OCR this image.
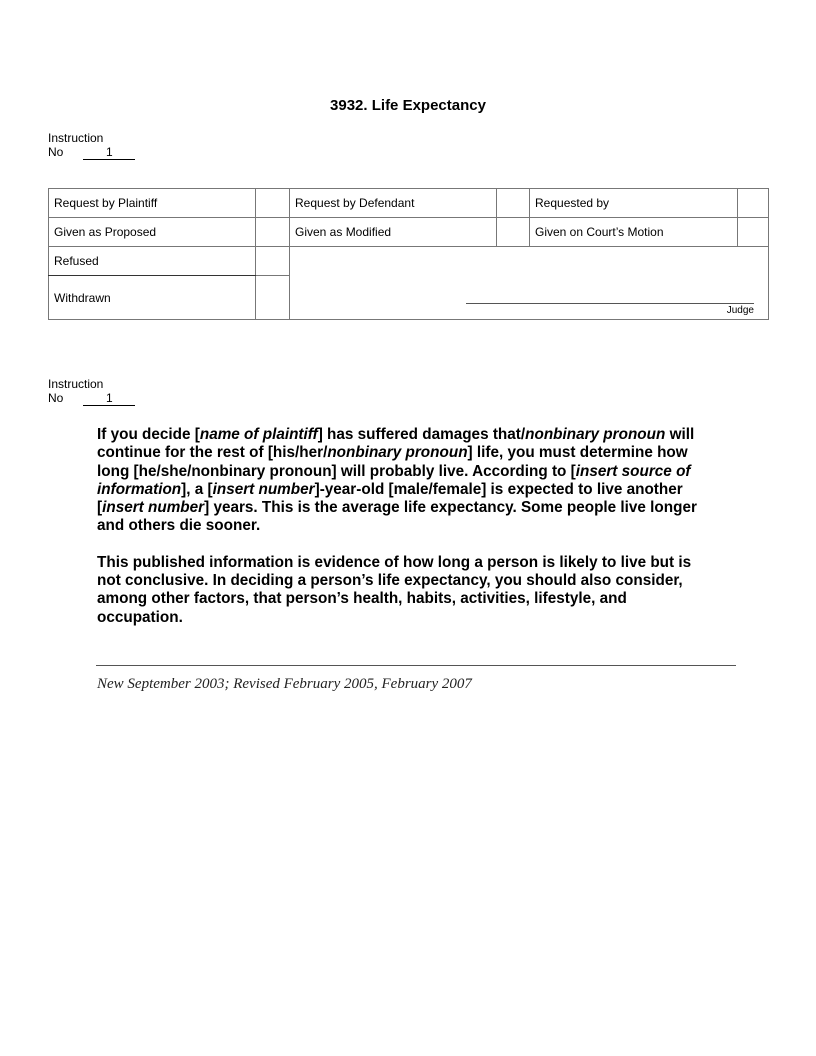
3932. Life Expectancy
Instruction
No	1
Request by Plaintiff		Request by Defendant		Requested by	
Given as Proposed		Given as Modified		Given on Court’s Motion	
Refused					
Withdrawn					
Judge
Instruction
No	1
If you decide [name of plaintiff] has suffered damages that/nonbinary pronoun will
continue for the rest of [his/her/nonbinary pronoun] life, you must determine how
long [he/she/nonbinary pronoun] will probably live. According to [insert source of
information], a [insert number]-year-old [male/female] is expected to live another
[insert number] years. This is the average life expectancy. Some people live longer
and others die sooner.
This published information is evidence of how long a person is likely to live but is
not conclusive. In deciding a person’s life expectancy, you should also consider,
among other factors, that person’s health, habits, activities, lifestyle, and
occupation.
New September 2003; Revised February 2005, February 2007
